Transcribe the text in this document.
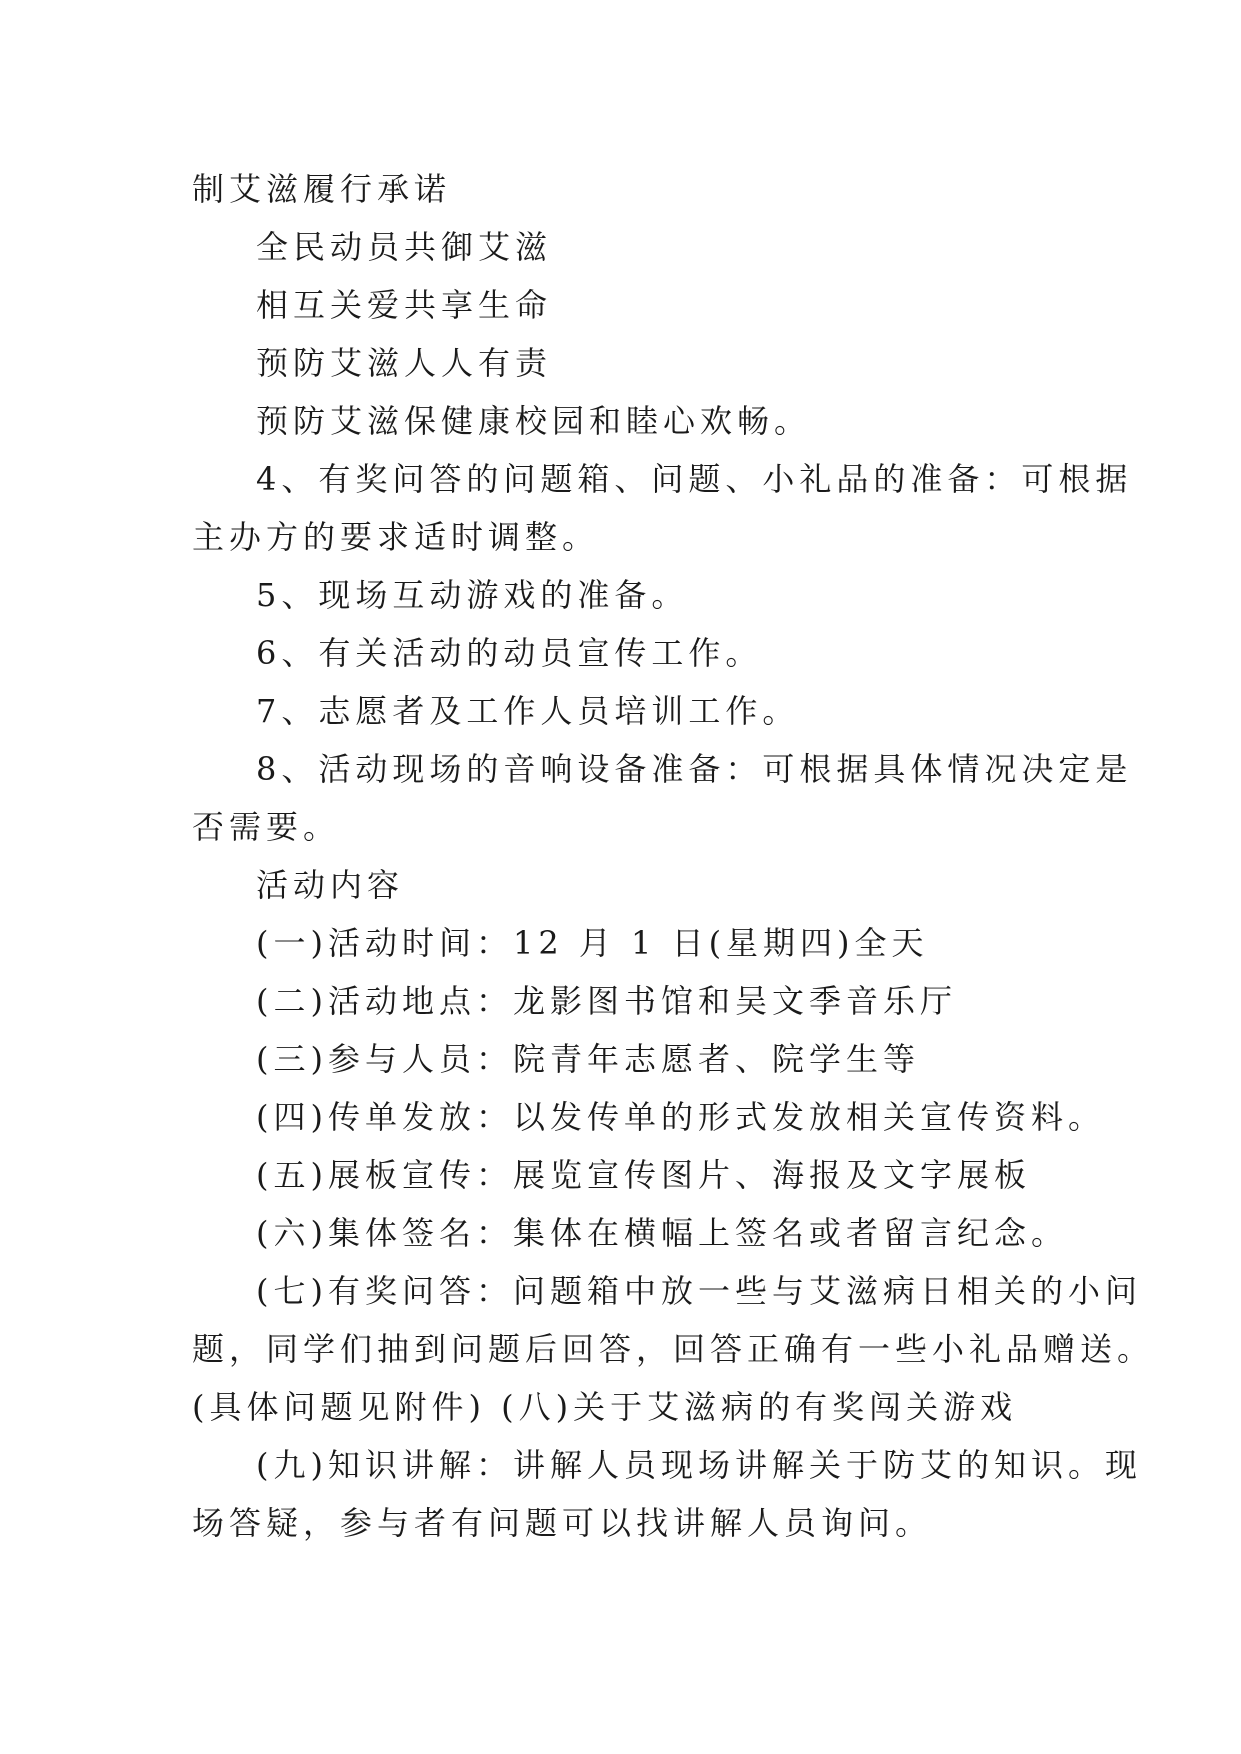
制艾滋履行承诺
全民动员共御艾滋
相互关爱共享生命
预防艾滋人人有责
预防艾滋保健康校园和睦心欢畅。
4、有奖问答的问题箱、问题、小礼品的准备：可根据
主办方的要求适时调整。
5、现场互动游戏的准备。
6、有关活动的动员宣传工作。
7、志愿者及工作人员培训工作。
8、活动现场的音响设备准备：可根据具体情况决定是
否需要。
活动内容
(一)活动时间：12 月 1 日(星期四)全天
(二)活动地点：龙影图书馆和吴文季音乐厅
(三)参与人员：院青年志愿者、院学生等
(四)传单发放：以发传单的形式发放相关宣传资料。
(五)展板宣传：展览宣传图片、海报及文字展板
(六)集体签名：集体在横幅上签名或者留言纪念。
(七)有奖问答：问题箱中放一些与艾滋病日相关的小问
题，同学们抽到问题后回答，回答正确有一些小礼品赠送。
(具体问题见附件) (八)关于艾滋病的有奖闯关游戏
(九)知识讲解：讲解人员现场讲解关于防艾的知识。现
场答疑，参与者有问题可以找讲解人员询问。
